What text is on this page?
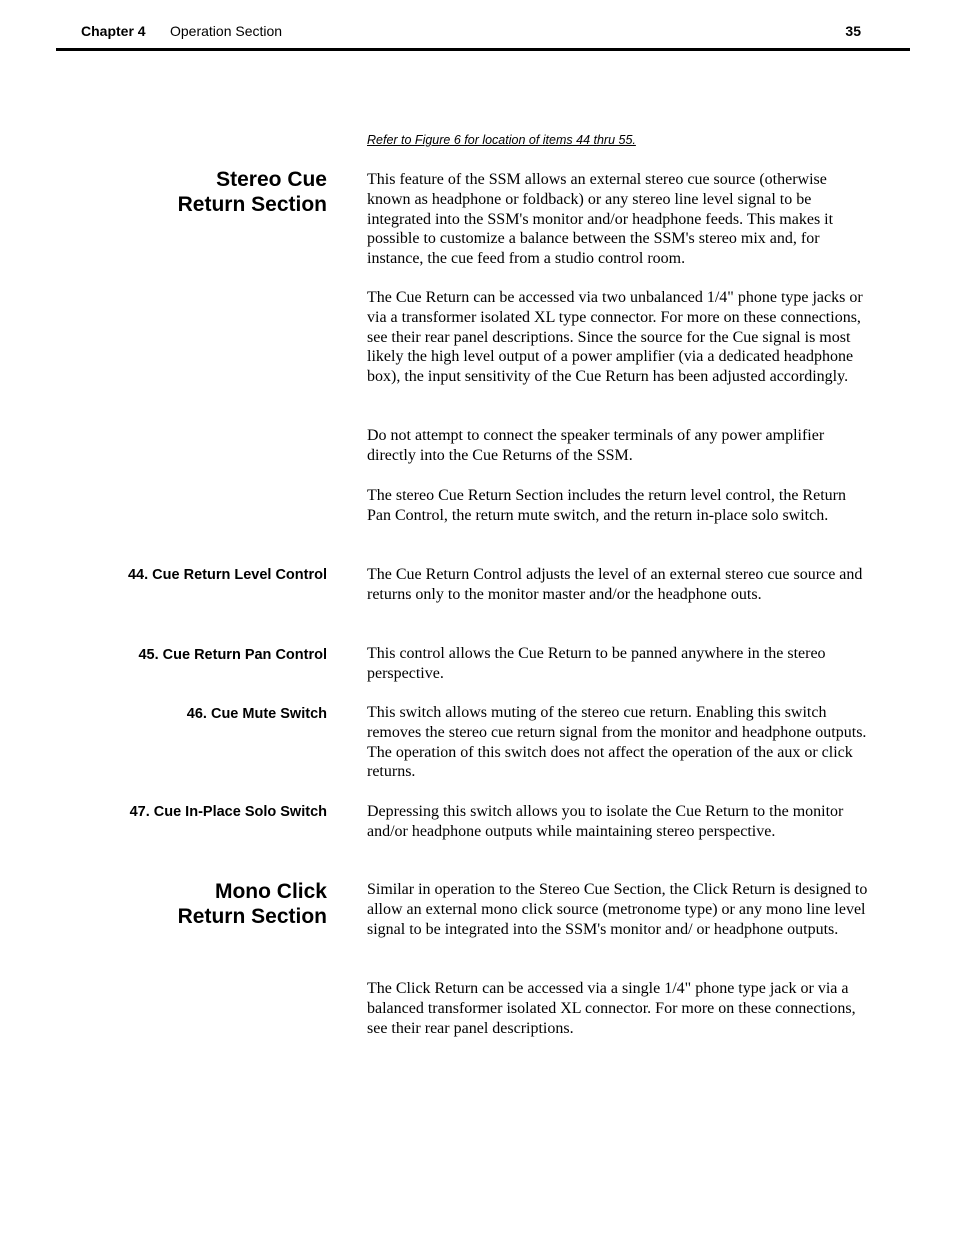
Chapter 4 Operation Section	35
Refer to Figure 6 for location of items 44 thru 55.
Stereo Cue
Return Section

This feature of the SSM allows an external stereo cue source (otherwise known as headphone or foldback) or any stereo line level signal to be integrated into the SSM's monitor and/or headphone feeds. This makes it possible to customize a balance between the SSM's stereo mix and, for instance, the cue feed from a studio control room.

The Cue Return can be accessed via two unbalanced 1/4" phone type jacks or via a transformer isolated XL type connector. For more on these connections, see their rear panel descriptions. Since the source for the Cue signal is most likely the high level output of a power amplifier (via a dedicated headphone box), the input sensitivity of the Cue Return has been adjusted accordingly.

Do not attempt to connect the speaker terminals of any power amplifier directly into the Cue Returns of the SSM.

The stereo Cue Return Section includes the return level control, the Return Pan Control, the return mute switch, and the return in-place solo switch.

44. Cue Return Level Control	The Cue Return Control adjusts the level of an external stereo cue source and returns only to the monitor master and/or the headphone outs.

45. Cue Return Pan Control	This control allows the Cue Return to be panned anywhere in the stereo perspective.

46. Cue Mute Switch	This switch allows muting of the stereo cue return. Enabling this switch removes the stereo cue return signal from the monitor and headphone outputs. The operation of this switch does not affect the operation of the aux or click returns.

47. Cue In-Place Solo Switch	Depressing this switch allows you to isolate the Cue Return to the monitor and/or headphone outputs while maintaining stereo perspective.

Mono Click
Return Section

Similar in operation to the Stereo Cue Section, the Click Return is designed to allow an external mono click source (metronome type) or any mono line level signal to be integrated into the SSM's monitor and/ or headphone outputs.

The Click Return can be accessed via a single 1/4" phone type jack or via a balanced transformer isolated XL connector. For more on these connections, see their rear panel descriptions.
